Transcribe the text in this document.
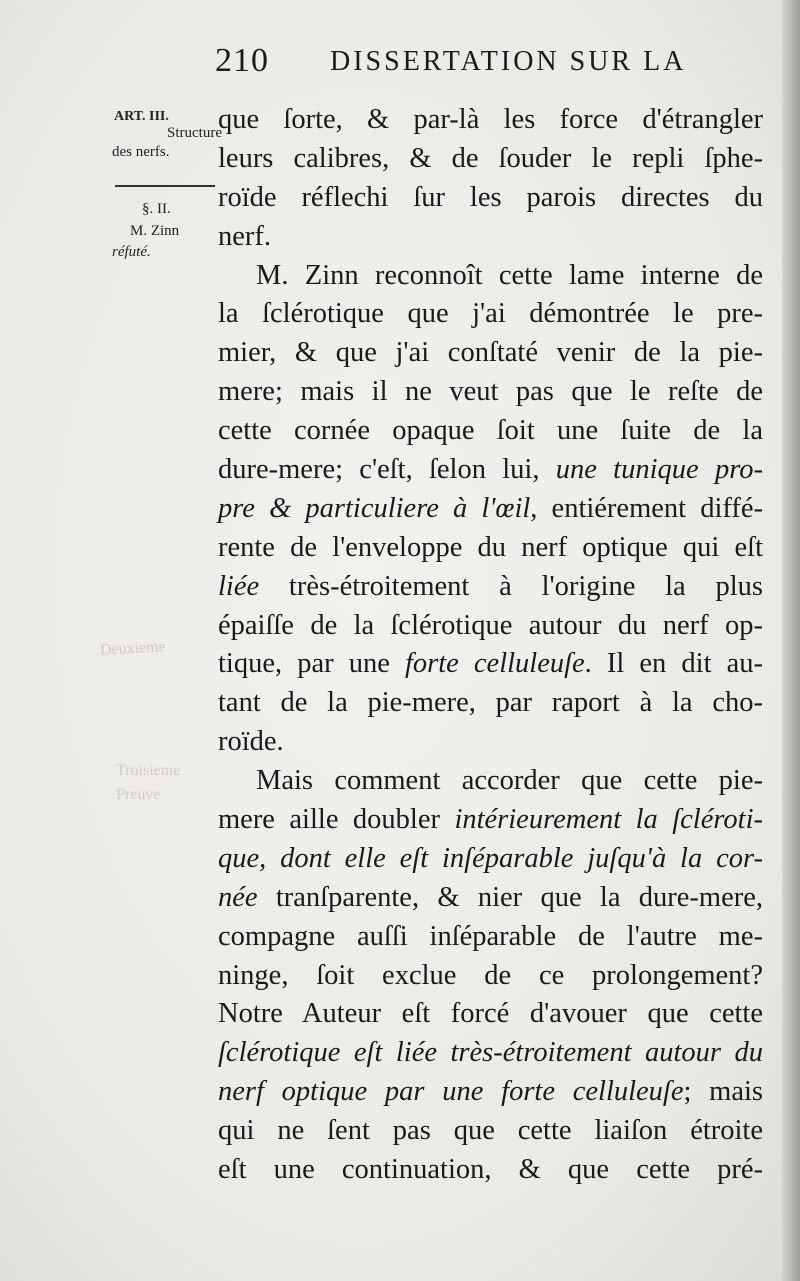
210 DISSERTATION SUR LA
ART. III.
Structure
des nerfs.
§. II.
M. Zinn
réfuté.
Deuxieme
Troisieme
Preuve
que ſorte, & par-là les force d'étrangler
leurs calibres, & de ſouder le repli ſphe-
roïde réflechi ſur les parois directes du
nerf.
M. Zinn reconnoît cette lame interne de
la ſclérotique que j'ai démontrée le pre-
mier, & que j'ai conſtaté venir de la pie-
mere; mais il ne veut pas que le reſte de
cette cornée opaque ſoit une ſuite de la
dure-mere; c'eſt, ſelon lui, une tunique pro-
pre & particuliere à l'œil, entiérement diffé-
rente de l'enveloppe du nerf optique qui eſt
liée très-étroitement à l'origine la plus
épaiſſe de la ſclérotique autour du nerf op-
tique, par une forte celluleuſe. Il en dit au-
tant de la pie-mere, par raport à la cho-
roïde.
Mais comment accorder que cette pie-
mere aille doubler intérieurement la ſcléroti-
que, dont elle eſt inſéparable juſqu'à la cor-
née tranſparente, & nier que la dure-mere,
compagne auſſi inſéparable de l'autre me-
ninge, ſoit exclue de ce prolongement?
Notre Auteur eſt forcé d'avouer que cette
ſclérotique eſt liée très-étroitement autour du
nerf optique par une forte celluleuſe; mais
qui ne ſent pas que cette liaiſon étroite
eſt une continuation, & que cette pré-
